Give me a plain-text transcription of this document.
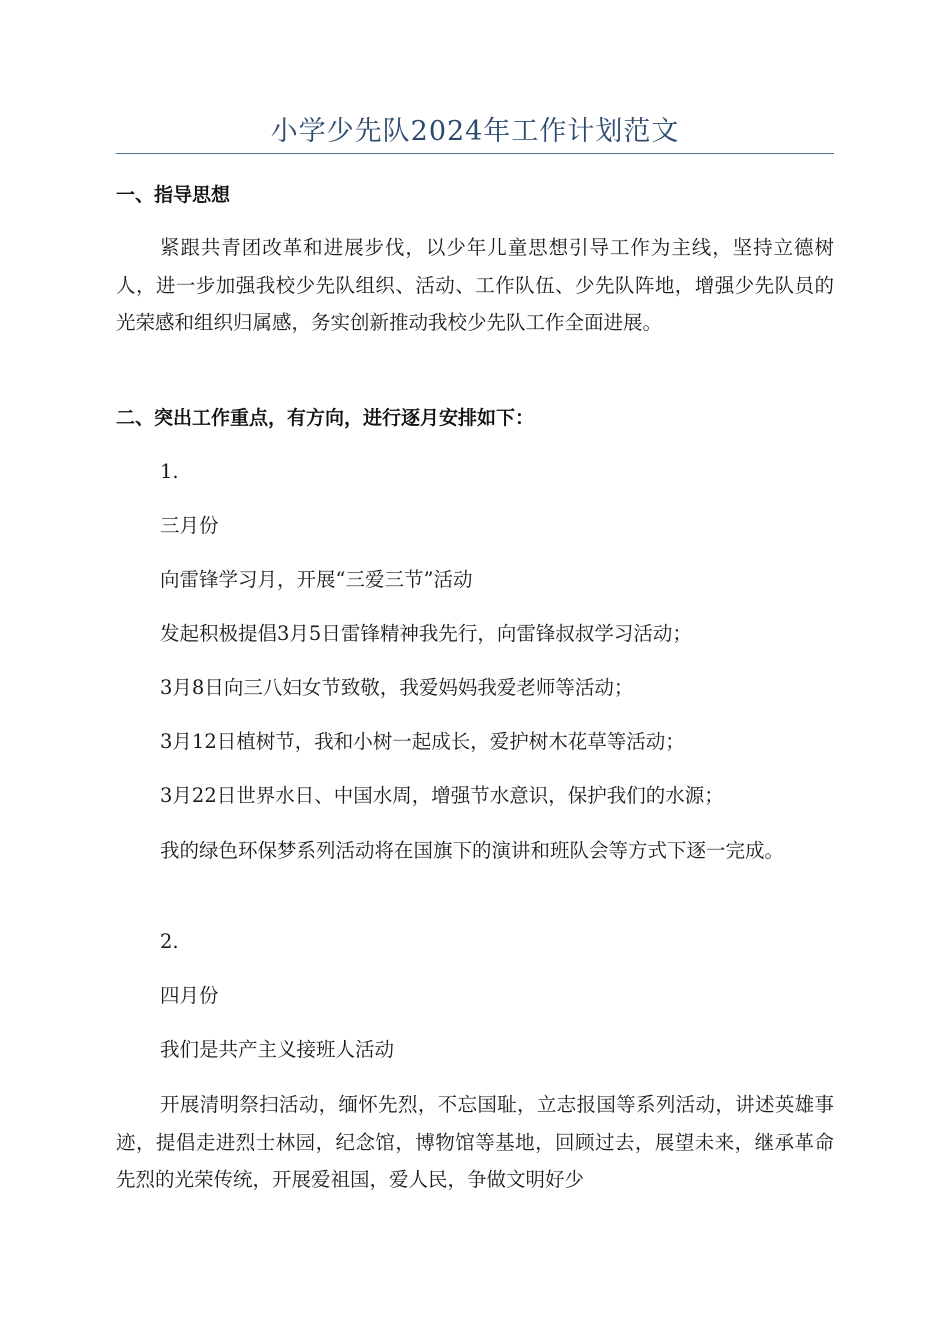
小学少先队2024年工作计划范文
一、指导思想

紧跟共青团改革和进展步伐，以少年儿童思想引导工作为主线，坚持立德树人，进一步加强我校少先队组织、活动、工作队伍、少先队阵地，增强少先队员的光荣感和组织归属感，务实创新推动我校少先队工作全面进展。

二、突出工作重点，有方向，进行逐月安排如下：
1.
三月份
向雷锋学习月，开展“三爱三节”活动
发起积极提倡3月5日雷锋精神我先行，向雷锋叔叔学习活动；
3月8日向三八妇女节致敬，我爱妈妈我爱老师等活动；
3月12日植树节，我和小树一起成长，爱护树木花草等活动；
3月22日世界水日、中国水周，增强节水意识，保护我们的水源；

我的绿色环保梦系列活动将在国旗下的演讲和班队会等方式下逐一完成。

2.
四月份
我们是共产主义接班人活动

开展清明祭扫活动，缅怀先烈，不忘国耻，立志报国等系列活动，讲述英雄事迹，提倡走进烈士林园，纪念馆，博物馆等基地，回顾过去，展望未来，继承革命先烈的光荣传统，开展爱祖国，爱人民，争做文明好少
